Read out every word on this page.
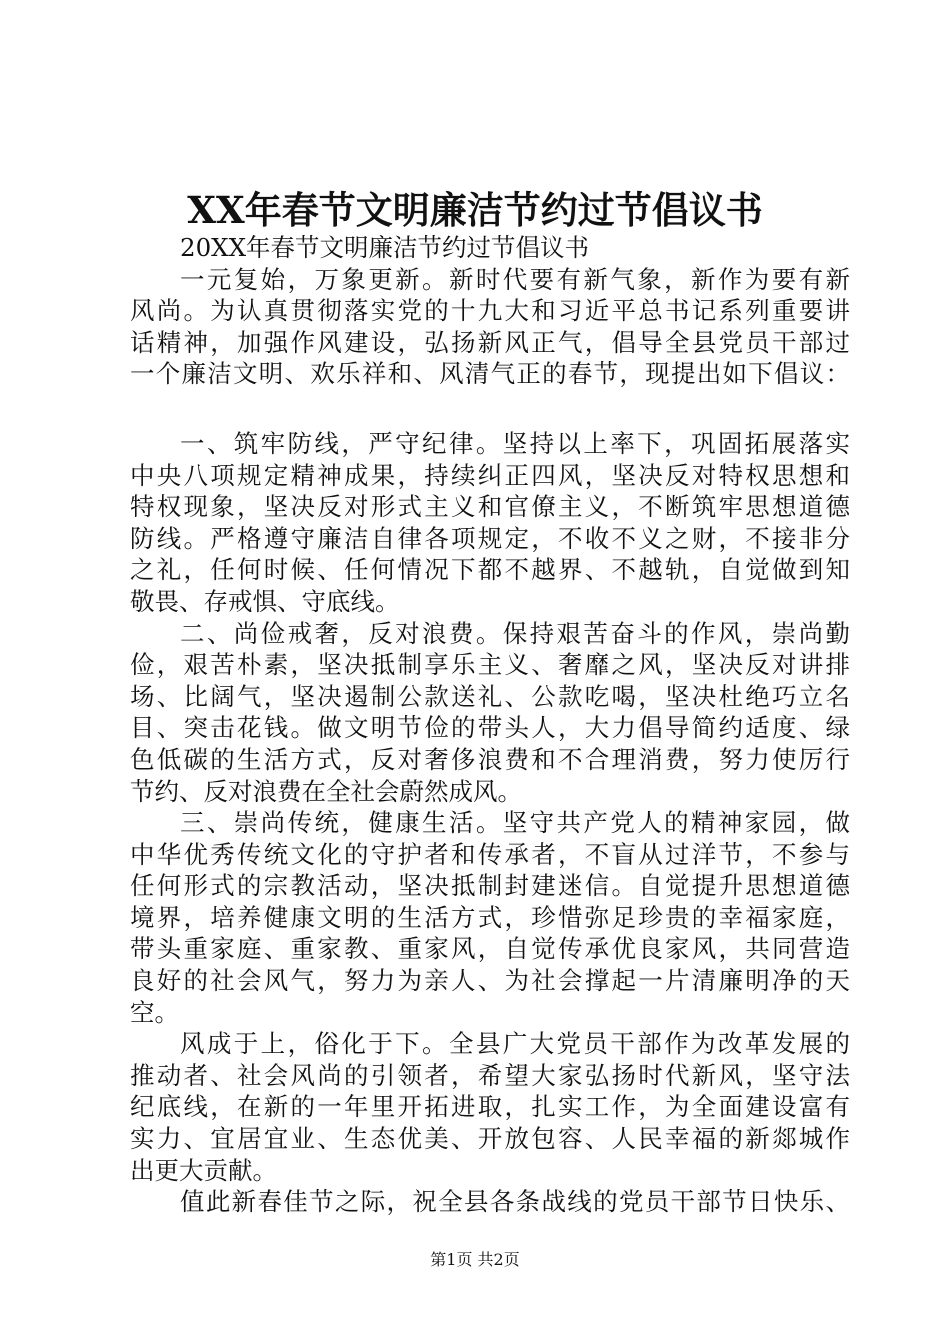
XX年春节文明廉洁节约过节倡议书
20XX年春节文明廉洁节约过节倡议书
一元复始，万象更新。新时代要有新气象，新作为要有新
风尚。为认真贯彻落实党的十九大和习近平总书记系列重要讲
话精神，加强作风建设，弘扬新风正气，倡导全县党员干部过
一个廉洁文明、欢乐祥和、风清气正的春节，现提出如下倡议：
一、筑牢防线，严守纪律。坚持以上率下，巩固拓展落实
中央八项规定精神成果，持续纠正四风，坚决反对特权思想和
特权现象，坚决反对形式主义和官僚主义，不断筑牢思想道德
防线。严格遵守廉洁自律各项规定，不收不义之财，不接非分
之礼，任何时候、任何情况下都不越界、不越轨，自觉做到知
敬畏、存戒惧、守底线。
二、尚俭戒奢，反对浪费。保持艰苦奋斗的作风，崇尚勤
俭，艰苦朴素，坚决抵制享乐主义、奢靡之风，坚决反对讲排
场、比阔气，坚决遏制公款送礼、公款吃喝，坚决杜绝巧立名
目、突击花钱。做文明节俭的带头人，大力倡导简约适度、绿
色低碳的生活方式，反对奢侈浪费和不合理消费，努力使厉行
节约、反对浪费在全社会蔚然成风。
三、崇尚传统，健康生活。坚守共产党人的精神家园，做
中华优秀传统文化的守护者和传承者，不盲从过洋节，不参与
任何形式的宗教活动，坚决抵制封建迷信。自觉提升思想道德
境界，培养健康文明的生活方式，珍惜弥足珍贵的幸福家庭，
带头重家庭、重家教、重家风，自觉传承优良家风，共同营造
良好的社会风气，努力为亲人、为社会撑起一片清廉明净的天
空。
风成于上，俗化于下。全县广大党员干部作为改革发展的
推动者、社会风尚的引领者，希望大家弘扬时代新风，坚守法
纪底线，在新的一年里开拓进取，扎实工作，为全面建设富有
实力、宜居宜业、生态优美、开放包容、人民幸福的新郯城作
出更大贡献。
值此新春佳节之际，祝全县各条战线的党员干部节日快乐、
第1页 共2页
